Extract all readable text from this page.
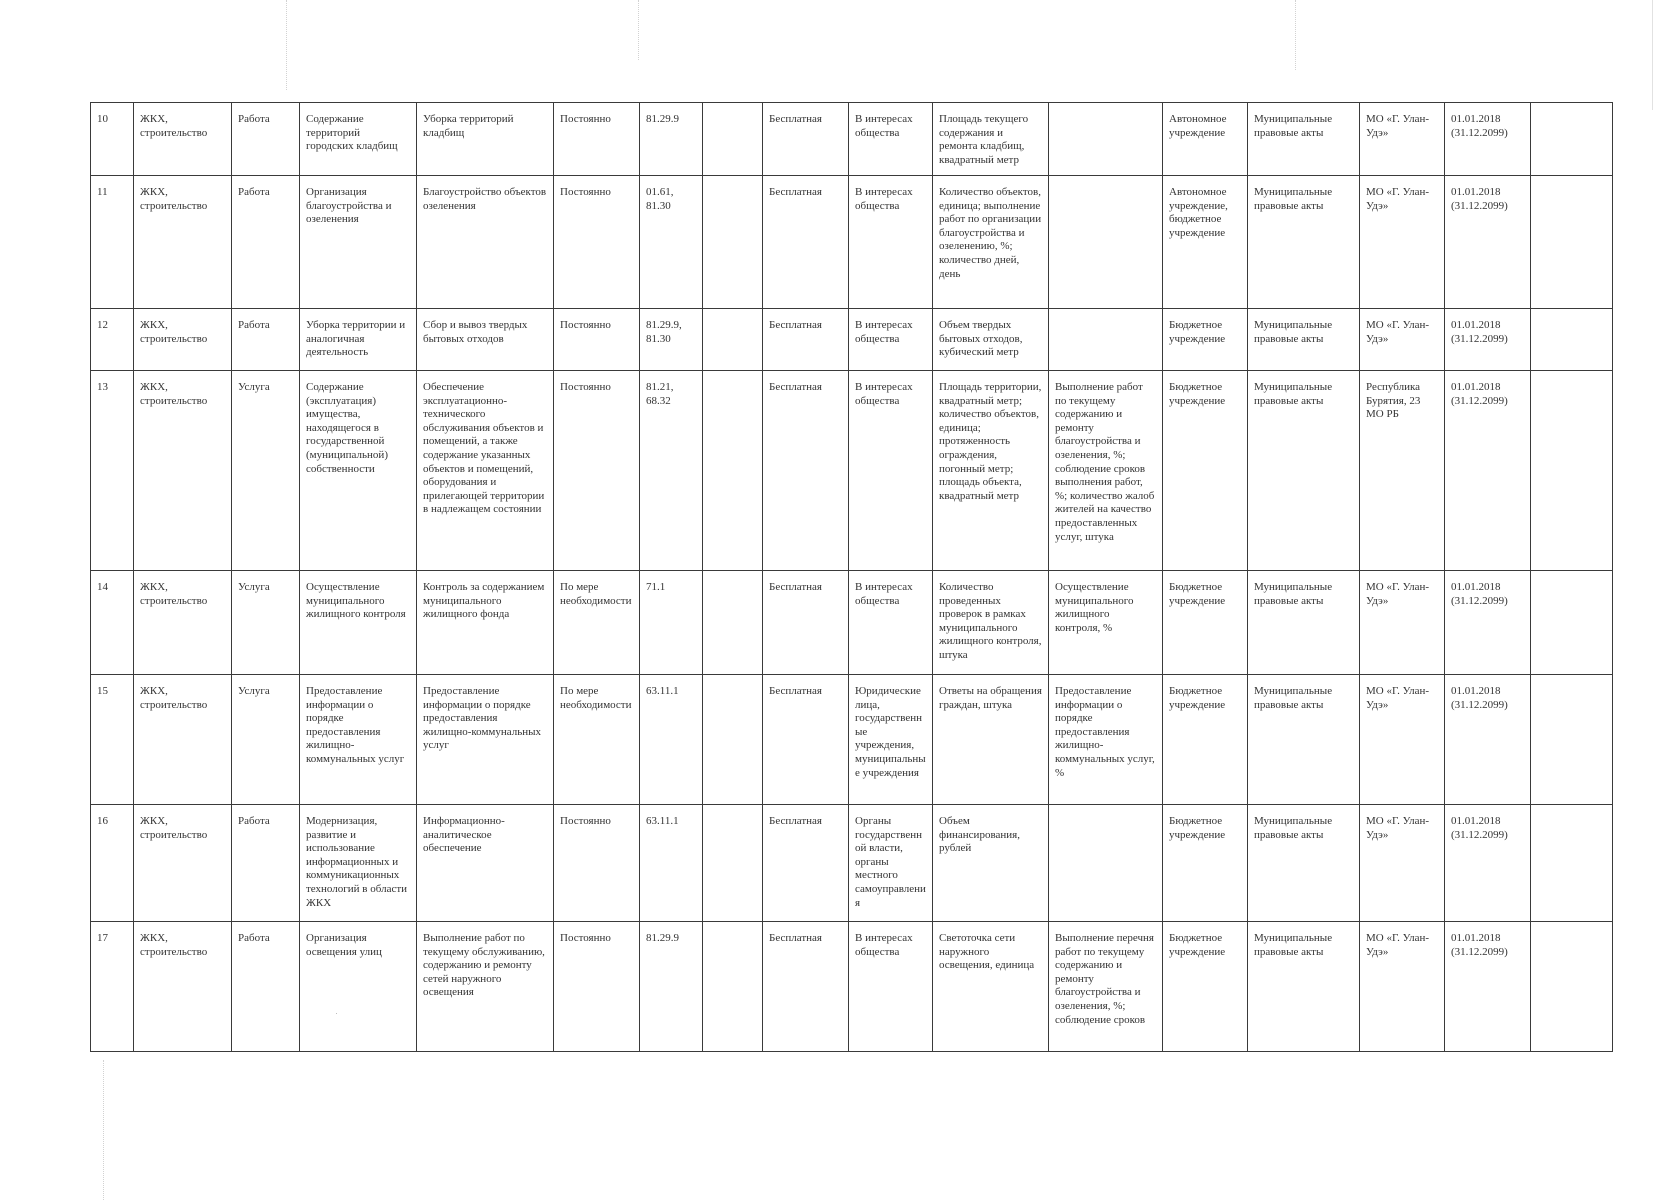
10	ЖКХ, строительство	Работа	Содержание территорий городских кладбищ	Уборка территорий кладбищ	Постоянно	81.29.9		Бесплатная	В интересах общества	Площадь текущего содержания и ремонта кладбищ, квадратный метр		Автономное учреждение	Муниципальные правовые акты	МО «Г. Улан-Удэ»	01.01.2018 (31.12.2099)	
11	ЖКХ, строительство	Работа	Организация благоустройства и озеленения	Благоустройство объектов озеленения	Постоянно	01.61, 81.30		Бесплатная	В интересах общества	Количество объектов, единица; выполнение работ по организации благоустройства и озеленению, %; количество дней, день		Автономное учреждение, бюджетное учреждение	Муниципальные правовые акты	МО «Г. Улан-Удэ»	01.01.2018 (31.12.2099)	
12	ЖКХ, строительство	Работа	Уборка территории и аналогичная деятельность	Сбор и вывоз твердых бытовых отходов	Постоянно	81.29.9, 81.30		Бесплатная	В интересах общества	Объем твердых бытовых отходов, кубический метр		Бюджетное учреждение	Муниципальные правовые акты	МО «Г. Улан-Удэ»	01.01.2018 (31.12.2099)	
13	ЖКХ, строительство	Услуга	Содержание (эксплуатация) имущества, находящегося в государственной (муниципальной) собственности	Обеспечение эксплуатационно-технического обслуживания объектов и помещений, а также содержание указанных объектов и помещений, оборудования и прилегающей территории в надлежащем состоянии	Постоянно	81.21, 68.32		Бесплатная	В интересах общества	Площадь территории, квадратный метр; количество объектов, единица; протяженность ограждения, погонный метр; площадь объекта, квадратный метр	Выполнение работ по текущему содержанию и ремонту благоустройства и озеленения, %; соблюдение сроков выполнения работ, %; количество жалоб жителей на качество предоставленных услуг, штука	Бюджетное учреждение	Муниципальные правовые акты	Республика Бурятия, 23 МО РБ	01.01.2018 (31.12.2099)	
14	ЖКХ, строительство	Услуга	Осуществление муниципального жилищного контроля	Контроль за содержанием муниципального жилищного фонда	По мере необходимости	71.1		Бесплатная	В интересах общества	Количество проведенных проверок в рамках муниципального жилищного контроля, штука	Осуществление муниципального жилищного контроля, %	Бюджетное учреждение	Муниципальные правовые акты	МО «Г. Улан-Удэ»	01.01.2018 (31.12.2099)	
15	ЖКХ, строительство	Услуга	Предоставление информации о порядке предоставления жилищно-коммунальных услуг	Предоставление информации о порядке предоставления жилищно-коммунальных услуг	По мере необходимости	63.11.1		Бесплатная	Юридические лица, государственные учреждения, муниципальные учреждения	Ответы на обращения граждан, штука	Предоставление информации о порядке предоставления жилищно-коммунальных услуг, %	Бюджетное учреждение	Муниципальные правовые акты	МО «Г. Улан-Удэ»	01.01.2018 (31.12.2099)	
16	ЖКХ, строительство	Работа	Модернизация, развитие и использование информационных и коммуникационных технологий в области ЖКХ	Информационно-аналитическое обеспечение	Постоянно	63.11.1		Бесплатная	Органы государственной власти, органы местного самоуправления	Объем финансирования, рублей		Бюджетное учреждение	Муниципальные правовые акты	МО «Г. Улан-Удэ»	01.01.2018 (31.12.2099)	
17	ЖКХ, строительство	Работа	Организация освещения улиц	Выполнение работ по текущему обслуживанию, содержанию и ремонту сетей наружного освещения	Постоянно	81.29.9		Бесплатная	В интересах общества	Светоточка сети наружного освещения, единица	Выполнение перечня работ по текущему содержанию и ремонту благоустройства и озеленения, %; соблюдение сроков	Бюджетное учреждение	Муниципальные правовые акты	МО «Г. Улан-Удэ»	01.01.2018 (31.12.2099)	
